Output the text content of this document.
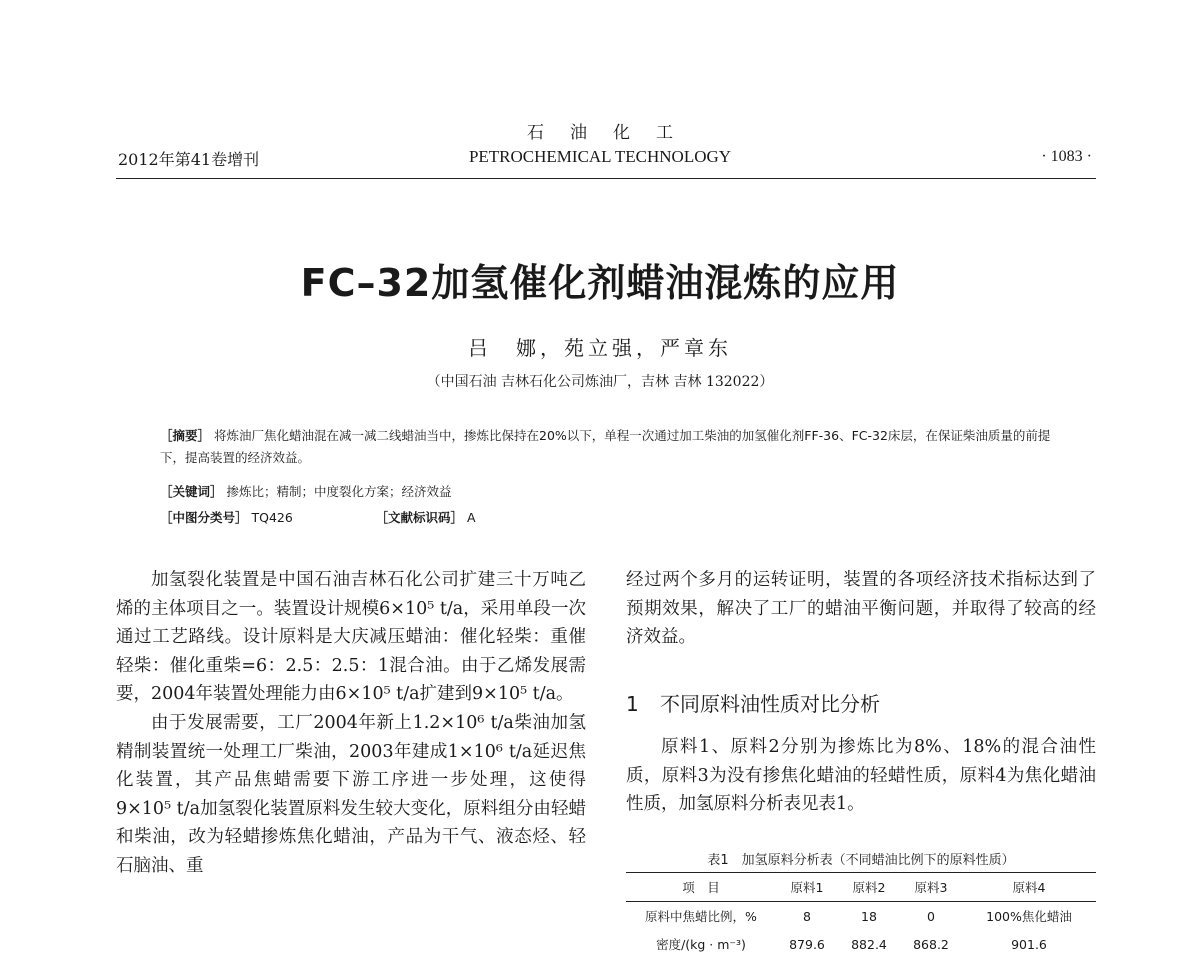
石油化工
2012年第41卷增刊	PETROCHEMICAL TECHNOLOGY	· 1083 ·
FC–32加氢催化剂蜡油混炼的应用
吕　娜，苑立强，严章东
（中国石油 吉林石化公司炼油厂，吉林 吉林 132022）
［摘要］ 将炼油厂焦化蜡油混在减一减二线蜡油当中，掺炼比保持在20%以下，单程一次通过加工柴油的加氢催化剂FF-36、FC-32床层，在保证柴油质量的前提下，提高装置的经济效益。
［关键词］ 掺炼比；精制；中度裂化方案；经济效益
［中图分类号］ TQ426	［文献标识码］ A

加氢裂化装置是中国石油吉林石化公司扩建三十万吨乙烯的主体项目之一。装置设计规模6×10⁵ t/a，采用单段一次通过工艺路线。设计原料是大庆减压蜡油：催化轻柴：重催轻柴：催化重柴=6：2.5：2.5：1混合油。由于乙烯发展需要，2004年装置处理能力由6×10⁵ t/a扩建到9×10⁵ t/a。

由于发展需要，工厂2004年新上1.2×10⁶ t/a柴油加氢精制装置统一处理工厂柴油，2003年建成1×10⁶ t/a延迟焦化装置，其产品焦蜡需要下游工序进一步处理，这使得9×10⁵ t/a加氢裂化装置原料发生较大变化，原料组分由轻蜡和柴油，改为轻蜡掺炼焦化蜡油，产品为干气、液态烃、轻石脑油、重

经过两个多月的运转证明，装置的各项经济技术指标达到了预期效果，解决了工厂的蜡油平衡问题，并取得了较高的经济效益。

1 不同原料油性质对比分析

原料1、原料2分别为掺炼比为8%、18%的混合油性质，原料3为没有掺焦化蜡油的轻蜡性质，原料4为焦化蜡油性质，加氢原料分析表见表1。

表1　加氢原料分析表（不同蜡油比例下的原料性质）
项　目	原料1	原料2	原料3	原料4
原料中焦蜡比例，%	8	18	0	100%焦化蜡油
密度/(kg · m⁻³)	879.6	882.4	868.2	901.6
